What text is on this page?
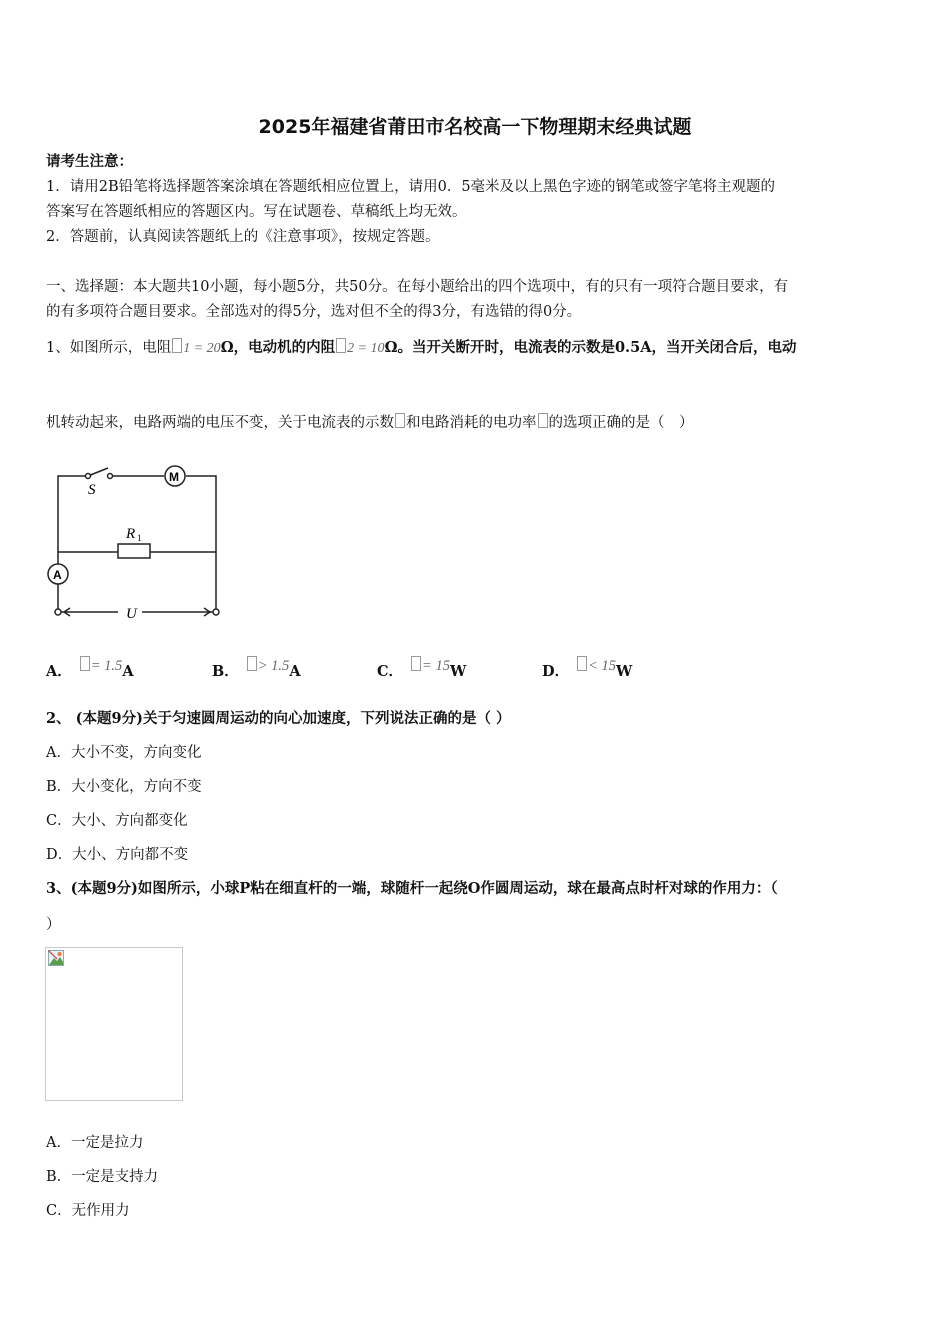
2025年福建省莆田市名校高一下物理期末经典试题
请考生注意：
1．请用2B铅笔将选择题答案涂填在答题纸相应位置上，请用0．5毫米及以上黑色字迹的钢笔或签字笔将主观题的
答案写在答题纸相应的答题区内。写在试题卷、草稿纸上均无效。
2．答题前，认真阅读答题纸上的《注意事项》，按规定答题。
一、选择题：本大题共10小题，每小题5分，共50分。在每小题给出的四个选项中，有的只有一项符合题目要求，有
的有多项符合题目要求。全部选对的得5分，选对但不全的得3分，有选错的得0分。
1、如图所示，电阻 1 = 20Ω，电动机的内阻 2 = 10Ω。当开关断开时，电流表的示数是0.5A，当开关闭合后，电动
机转动起来，电路两端的电压不变，关于电流表的示数 和电路消耗的电功率 的选项正确的是（　）
S
M
R 1
A
U
A． = 1.5A	B． > 1.5A	C． = 15W	D． < 15W
2、 (本题9分)关于匀速圆周运动的向心加速度，下列说法正确的是（ ）
A．大小不变，方向变化
B．大小变化，方向不变
C．大小、方向都变化
D．大小、方向都不变
3、(本题9分)如图所示，小球P粘在细直杆的一端，球随杆一起绕O作圆周运动，球在最高点时杆对球的作用力：（
）
A．一定是拉力
B．一定是支持力
C．无作用力
